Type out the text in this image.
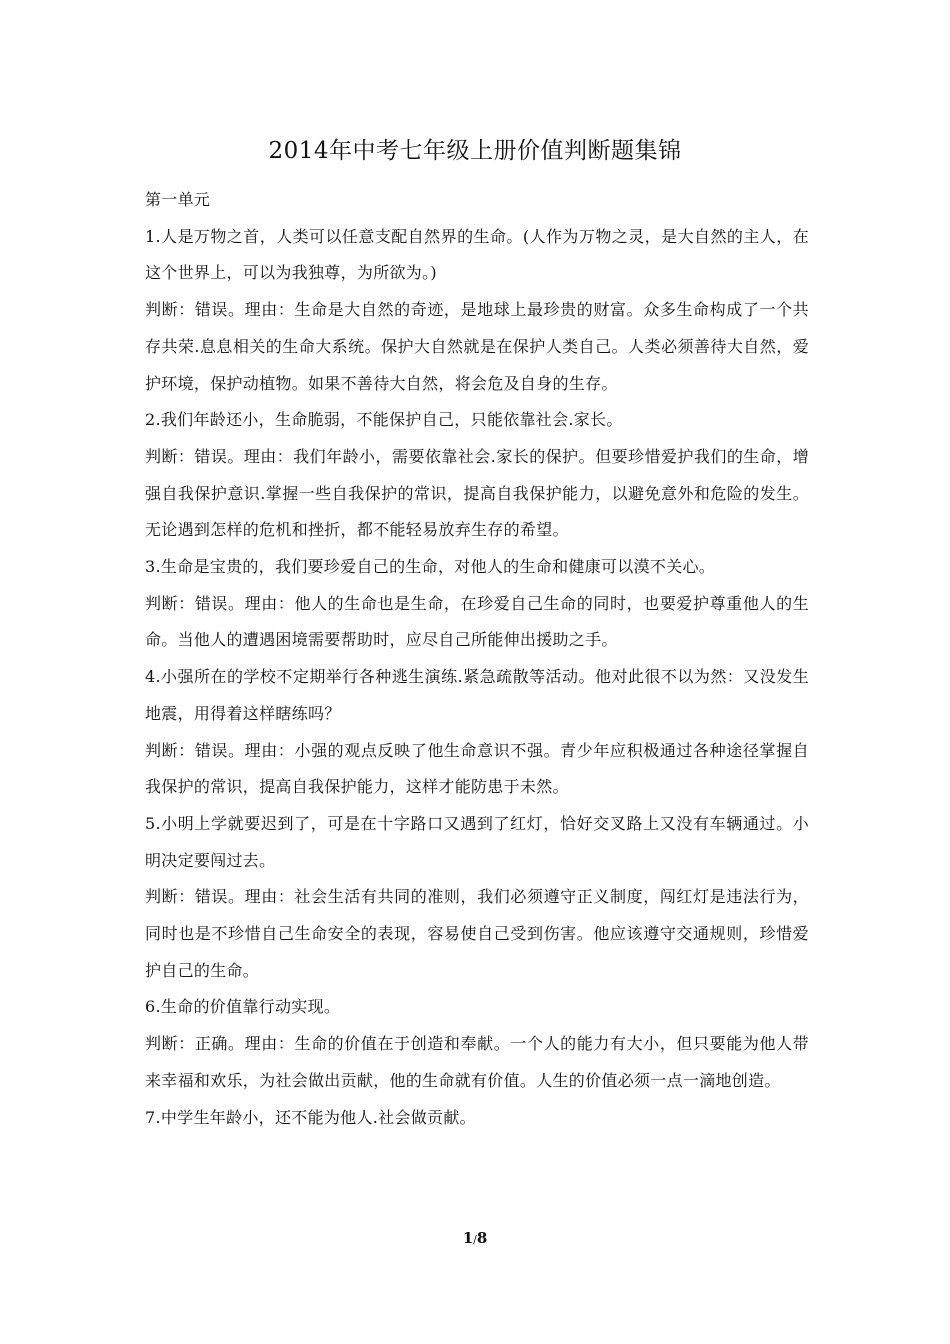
2014年中考七年级上册价值判断题集锦

第一单元

1.人是万物之首，人类可以任意支配自然界的生命。(人作为万物之灵，是大自然的主人，在这个世界上，可以为我独尊，为所欲为。)

判断：错误。理由：生命是大自然的奇迹，是地球上最珍贵的财富。众多生命构成了一个共存共荣.息息相关的生命大系统。保护大自然就是在保护人类自己。人类必须善待大自然，爱护环境，保护动植物。如果不善待大自然，将会危及自身的生存。

2.我们年龄还小，生命脆弱，不能保护自己，只能依靠社会.家长。

判断：错误。理由：我们年龄小，需要依靠社会.家长的保护。但要珍惜爱护我们的生命，增强自我保护意识.掌握一些自我保护的常识，提高自我保护能力，以避免意外和危险的发生。无论遇到怎样的危机和挫折，都不能轻易放弃生存的希望。

3.生命是宝贵的，我们要珍爱自己的生命，对他人的生命和健康可以漠不关心。

判断：错误。理由：他人的生命也是生命，在珍爱自己生命的同时，也要爱护尊重他人的生命。当他人的遭遇困境需要帮助时，应尽自己所能伸出援助之手。

4.小强所在的学校不定期举行各种逃生演练.紧急疏散等活动。他对此很不以为然：又没发生地震，用得着这样瞎练吗？

判断：错误。理由：小强的观点反映了他生命意识不强。青少年应积极通过各种途径掌握自我保护的常识，提高自我保护能力，这样才能防患于未然。

5.小明上学就要迟到了，可是在十字路口又遇到了红灯，恰好交叉路上又没有车辆通过。小明决定要闯过去。

判断：错误。理由：社会生活有共同的准则，我们必须遵守正义制度，闯红灯是违法行为，同时也是不珍惜自己生命安全的表现，容易使自己受到伤害。他应该遵守交通规则，珍惜爱护自己的生命。

6.生命的价值靠行动实现。

判断：正确。理由：生命的价值在于创造和奉献。一个人的能力有大小，但只要能为他人带来幸福和欢乐，为社会做出贡献，他的生命就有价值。人生的价值必须一点一滴地创造。

7.中学生年龄小，还不能为他人.社会做贡献。

1/8
